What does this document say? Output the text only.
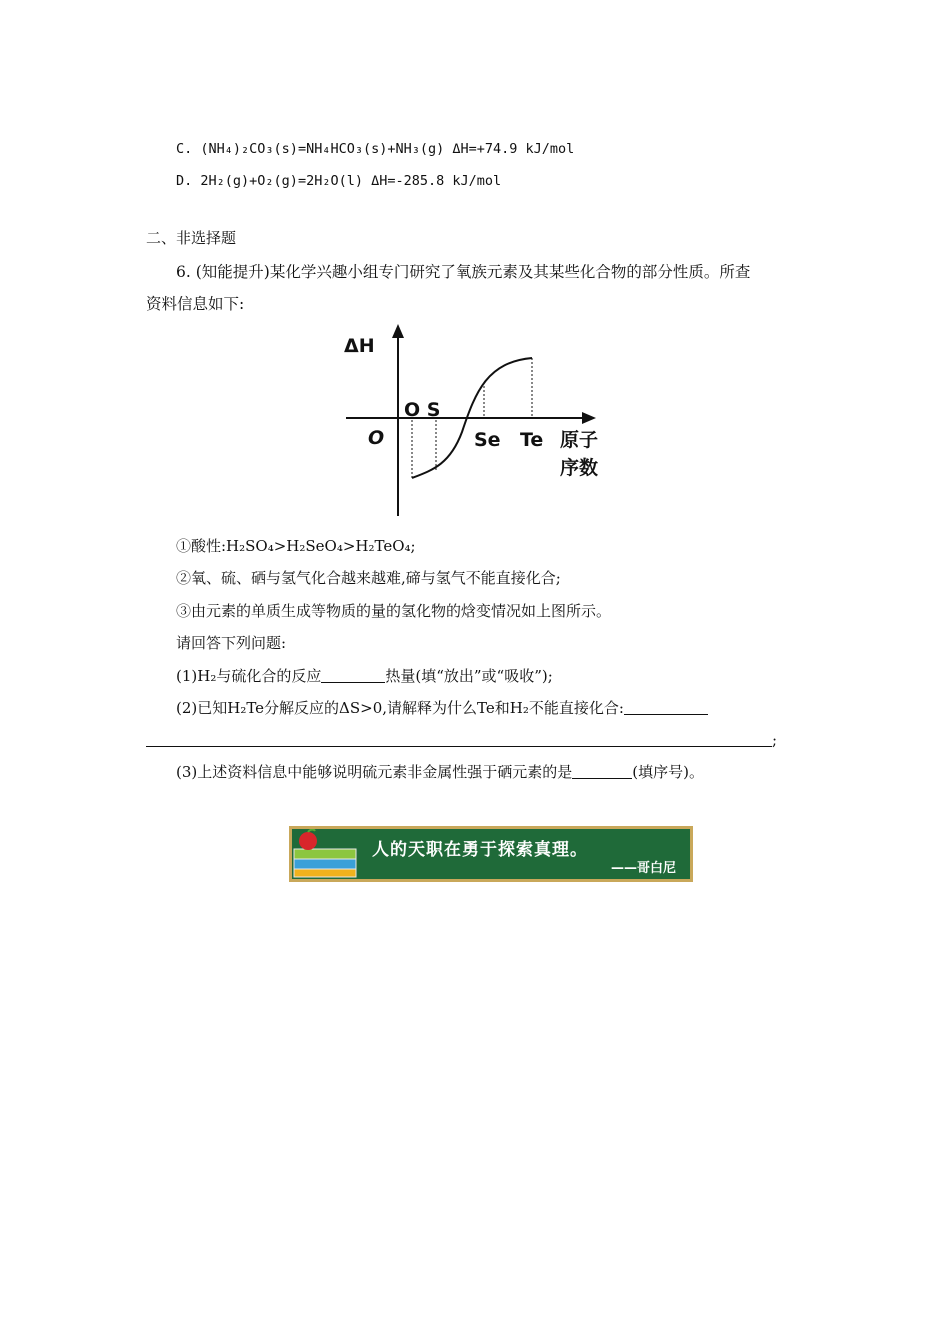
C. (NH₄)₂CO₃(s)=NH₄HCO₃(s)+NH₃(g) ΔH=+74.9 kJ/mol
D. 2H₂(g)+O₂(g)=2H₂O(l) ΔH=-285.8 kJ/mol
二、非选择题
6. (知能提升)某化学兴趣小组专门研究了氧族元素及其某些化合物的部分性质。所查
资料信息如下:
ΔH
O
O S
Se Te 原子
序数
①酸性:H₂SO₄>H₂SeO₄>H₂TeO₄;
②氧、硫、硒与氢气化合越来越难,碲与氢气不能直接化合;
③由元素的单质生成等物质的量的氢化物的焓变情况如上图所示。
请回答下列问题:
(1)H₂与硫化合的反应	热量(填“放出”或“吸收”);
(2)已知H₂Te分解反应的ΔS>0,请解释为什么Te和H₂不能直接化合:
;
(3)上述资料信息中能够说明硫元素非金属性强于硒元素的是	(填序号)。
人的天职在勇于探索真理。
——哥白尼
